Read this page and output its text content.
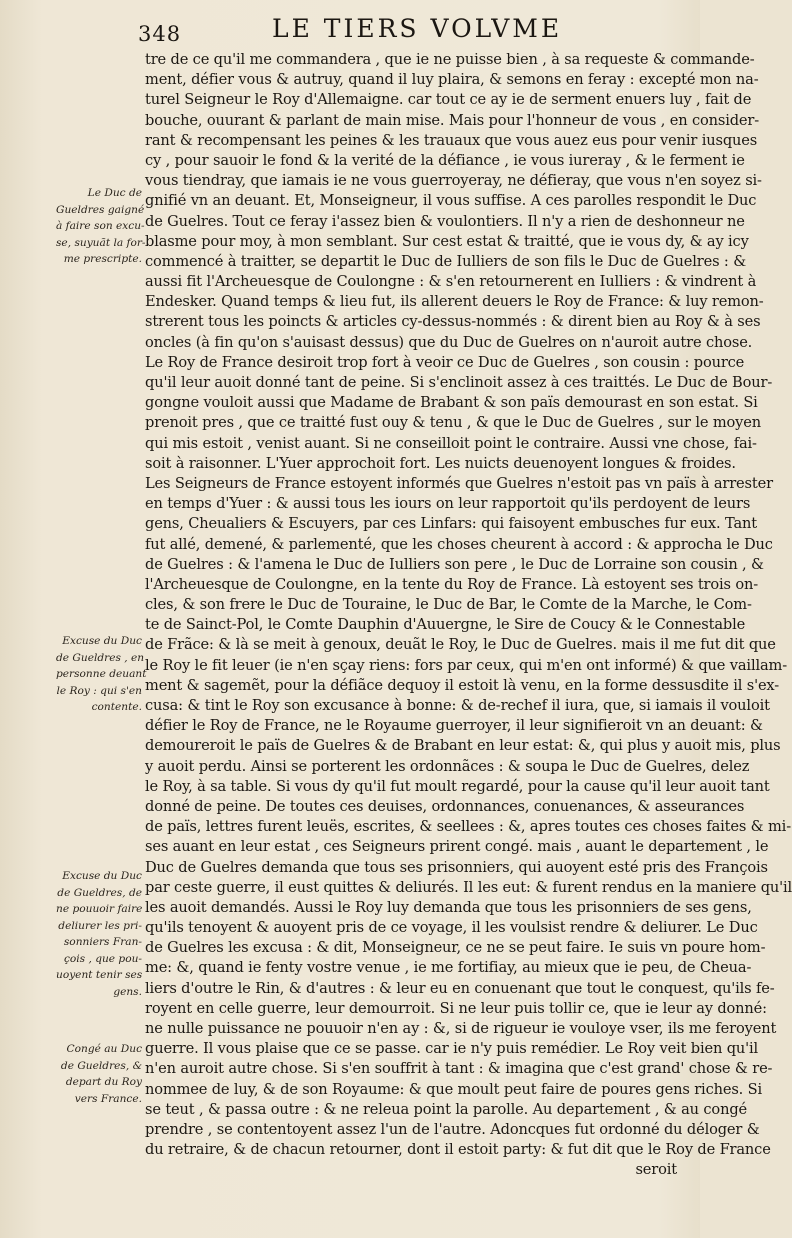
348	LE TIERS VOLVME
tre de ce qu'il me commandera , que ie ne puisse bien , à sa requeste & commande-
ment, défier vous & autruy, quand il luy plaira, & semons en feray : excepté mon na-
turel Seigneur le Roy d'Allemaigne. car tout ce ay ie de serment enuers luy , fait de
bouche, ouurant & parlant de main mise. Mais pour l'honneur de vous , en consider-
rant & recompensant les peines & les trauaux que vous auez eus pour venir iusques
cy , pour sauoir le fond & la verité de la défiance , ie vous iureray , & le ferment ie
vous tiendray, que iamais ie ne vous guerroyeray, ne défieray, que vous n'en soyez si-
gnifié vn an deuant. Et, Monseigneur, il vous suffise. A ces parolles respondit le Duc
de Guelres. Tout ce feray i'assez bien & voulontiers. Il n'y a rien de deshonneur ne
blasme pour moy, à mon semblant. Sur cest estat & traitté, que ie vous dy, & ay icy
commencé à traitter, se departit le Duc de Iulliers de son fils le Duc de Guelres : &
aussi fit l'Archeuesque de Coulongne : & s'en retournerent en Iulliers : & vindrent à
Endesker. Quand temps & lieu fut, ils allerent deuers le Roy de France: & luy remon-
strerent tous les poincts & articles cy-dessus-nommés : & dirent bien au Roy & à ses
oncles (à fin qu'on s'auisast dessus) que du Duc de Guelres on n'auroit autre chose.
Le Roy de France desiroit trop fort à veoir ce Duc de Guelres , son cousin : pource
qu'il leur auoit donné tant de peine. Si s'enclinoit assez à ces traittés. Le Duc de Bour-
gongne vouloit aussi que Madame de Brabant & son païs demourast en son estat. Si
prenoit pres , que ce traitté fust ouy & tenu , & que le Duc de Guelres , sur le moyen
qui mis estoit , venist auant. Si ne conseilloit point le contraire. Aussi vne chose, fai-
soit à raisonner. L'Yuer approchoit fort. Les nuicts deuenoyent longues & froides.
Les Seigneurs de France estoyent informés que Guelres n'estoit pas vn païs à arrester
en temps d'Yuer : & aussi tous les iours on leur rapportoit qu'ils perdoyent de leurs
gens, Cheualiers & Escuyers, par ces Linfars: qui faisoyent embusches fur eux. Tant
fut allé, demené, & parlementé, que les choses cheurent à accord : & approcha le Duc
de Guelres : & l'amena le Duc de Iulliers son pere , le Duc de Lorraine son cousin , &
l'Archeuesque de Coulongne, en la tente du Roy de France. Là estoyent ses trois on-
cles, & son frere le Duc de Touraine, le Duc de Bar, le Comte de la Marche, le Com-
te de Sainct-Pol, le Comte Dauphin d'Auuergne, le Sire de Coucy & le Connestable
de Frãce: & là se meit à genoux, deuãt le Roy, le Duc de Guelres. mais il me fut dit que
le Roy le fit leuer (ie n'en sçay riens: fors par ceux, qui m'en ont informé) & que vaillam-
ment & sagemẽt, pour la défiãce dequoy il estoit là venu, en la forme dessusdite il s'ex-
cusa: & tint le Roy son excusance à bonne: & de-rechef il iura, que, si iamais il vouloit
défier le Roy de France, ne le Royaume guerroyer, il leur signifieroit vn an deuant: &
demoureroit le païs de Guelres & de Brabant en leur estat: &, qui plus y auoit mis, plus
y auoit perdu. Ainsi se porterent les ordonnãces : & soupa le Duc de Guelres, delez
le Roy, à sa table. Si vous dy qu'il fut moult regardé, pour la cause qu'il leur auoit tant
donné de peine. De toutes ces deuises, ordonnances, conuenances, & asseurances
de païs, lettres furent leuës, escrites, & seellees : &, apres toutes ces choses faites & mi-
ses auant en leur estat , ces Seigneurs prirent congé. mais , auant le departement , le
Duc de Guelres demanda que tous ses prisonniers, qui auoyent esté pris des François
par ceste guerre, il eust quittes & deliurés. Il les eut: & furent rendus en la maniere qu'il
les auoit demandés. Aussi le Roy luy demanda que tous les prisonniers de ses gens,
qu'ils tenoyent & auoyent pris de ce voyage, il les voulsist rendre & deliurer. Le Duc
de Guelres les excusa : & dit, Monseigneur, ce ne se peut faire. Ie suis vn poure hom-
me: &, quand ie fenty vostre venue , ie me fortifiay, au mieux que ie peu, de Cheua-
liers d'outre le Rin, & d'autres : & leur eu en conuenant que tout le conquest, qu'ils fe-
royent en celle guerre, leur demourroit. Si ne leur puis tollir ce, que ie leur ay donné:
ne nulle puissance ne pouuoir n'en ay : &, si de rigueur ie vouloye vser, ils me feroyent
guerre. Il vous plaise que ce se passe. car ie n'y puis remédier. Le Roy veit bien qu'il
n'en auroit autre chose. Si s'en souffrit à tant : & imagina que c'est grand' chose & re-
nommee de luy, & de son Royaume: & que moult peut faire de poures gens riches. Si
se teut , & passa outre : & ne releua point la parolle. Au departement , & au congé
prendre , se contentoyent assez l'un de l'autre. Adoncques fut ordonné du déloger &
du retraire, & de chacun retourner, dont il estoit party: & fut dit que le Roy de France
seroit
Le Duc de
Gueldres gaigné
à faire son excu-
se, suyuãt la for-
me prescripte.
Excuse du Duc
de Gueldres , en
personne deuant
le Roy : qui s'en
contente.
Excuse du Duc
de Gueldres, de
ne pouuoir faire
deliurer les pri-
sonniers Fran-
çois , que pou-
uoyent tenir ses
gens.
Congé au Duc
de Gueldres, &
depart du Roy
vers France.
